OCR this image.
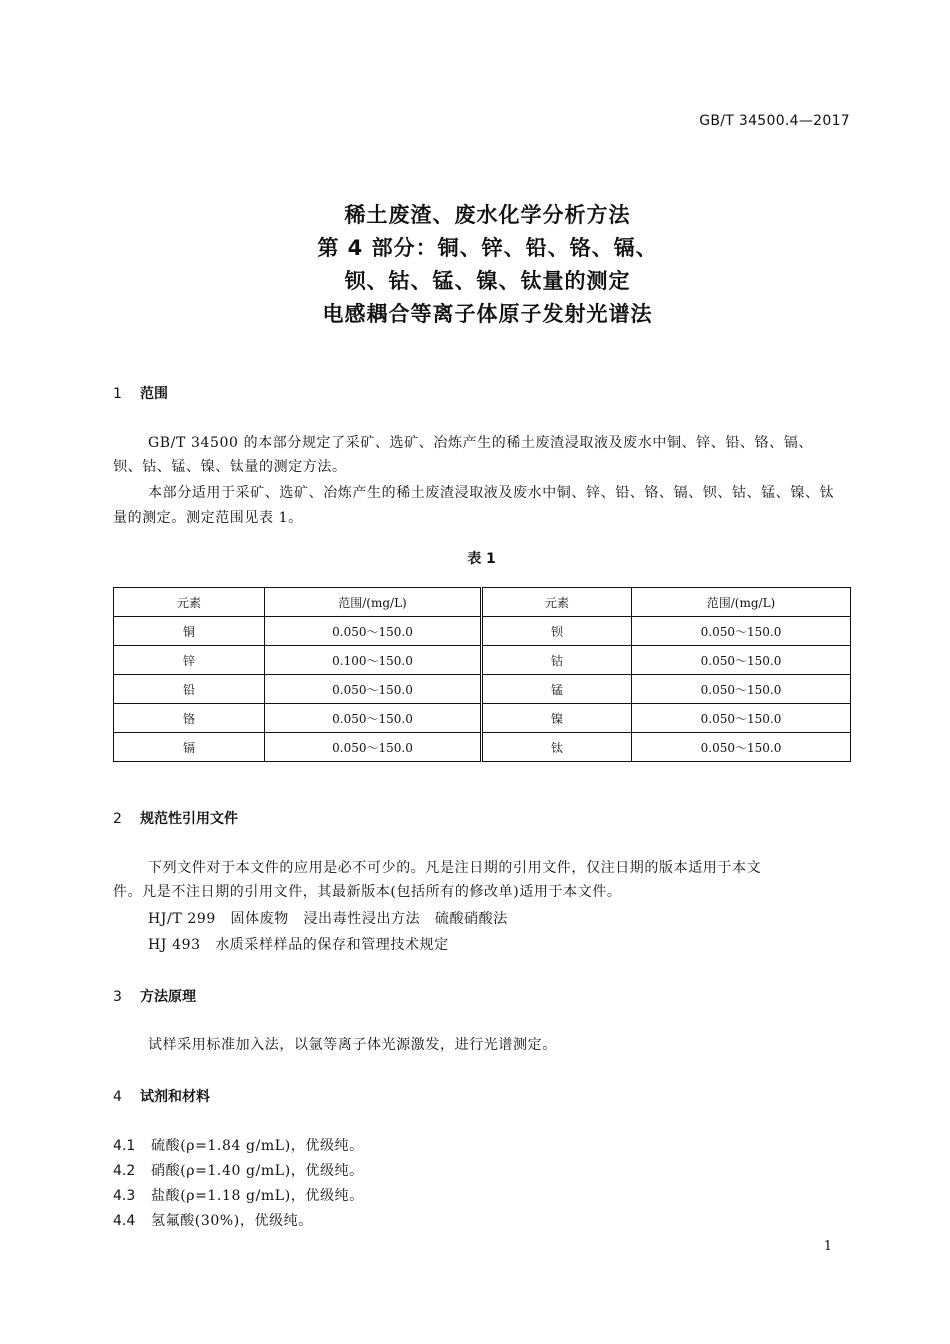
GB/T 34500.4—2017
稀土废渣、废水化学分析方法
第 4 部分：铜、锌、铅、铬、镉、
钡、钴、锰、镍、钛量的测定
电感耦合等离子体原子发射光谱法
1 范围
GB/T 34500 的本部分规定了采矿、选矿、冶炼产生的稀土废渣浸取液及废水中铜、锌、铅、铬、镉、
钡、钴、锰、镍、钛量的测定方法。
本部分适用于采矿、选矿、冶炼产生的稀土废渣浸取液及废水中铜、锌、铅、铬、镉、钡、钴、锰、镍、钛
量的测定。测定范围见表 1。
表 1
元素	范围/(mg/L)	元素	范围/(mg/L)
铜	0.050～150.0	钡	0.050～150.0
锌	0.100～150.0	钴	0.050～150.0
铅	0.050～150.0	锰	0.050～150.0
铬	0.050～150.0	镍	0.050～150.0
镉	0.050～150.0	钛	0.050～150.0
2 规范性引用文件
下列文件对于本文件的应用是必不可少的。凡是注日期的引用文件，仅注日期的版本适用于本文
件。凡是不注日期的引用文件，其最新版本(包括所有的修改单)适用于本文件。
HJ/T 299　固体废物　浸出毒性浸出方法　硫酸硝酸法
HJ 493　水质采样样品的保存和管理技术规定
3 方法原理
试样采用标准加入法，以氩等离子体光源激发，进行光谱测定。
4 试剂和材料
4.1 硫酸(ρ=1.84 g/mL)，优级纯。
4.2 硝酸(ρ=1.40 g/mL)，优级纯。
4.3 盐酸(ρ=1.18 g/mL)，优级纯。
4.4 氢氟酸(30%)，优级纯。
1
